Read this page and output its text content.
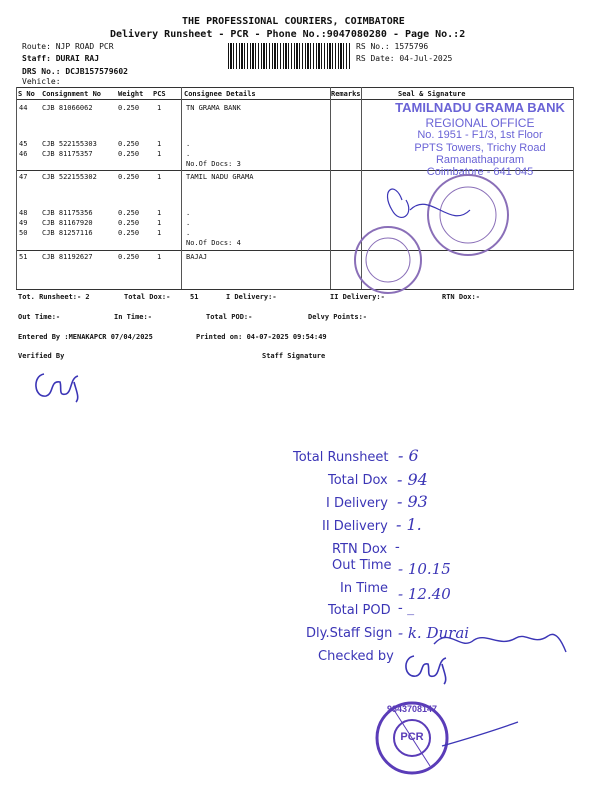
THE PROFESSIONAL COURIERS, COIMBATORE
Delivery Runsheet - PCR - Phone No.:9047080280 - Page No.:2
Route: NJP ROAD PCR
Staff: DURAI RAJ
DRS No.: DCJB157579602
Vehicle:
RS No.: 1575796
RS Date: 04-Jul-2025
S No Consignment No Weight PCS	Consignee Details	Remarks	Seal & Signature
44 CJB 81066062	0.250	1	TN GRAMA BANK
45 CJB 522155303	0.250	1	.
46 CJB 81175357	0.250	1	.
No.Of Docs: 3
47 CJB 522155302	0.250	1	TAMIL NADU GRAMA
48 CJB 81175356	0.250	1	.
49 CJB 81167920	0.250	1	.
50 CJB 81257116	0.250	1	.
No.Of Docs: 4
51 CJB 81192627	0.250	1	BAJAJ
TAMILNADU GRAMA BANK
REGIONAL OFFICE
No. 1951 - F1/3, 1st Floor
PPTS Towers, Trichy Road
Ramanathapuram
Coimbatore - 641 045
Tot. Runsheet:- 2	Total Dox:-	51	I Delivery:-	II Delivery:-	RTN Dox:-
Out Time:-	In Time:-	Total POD:-	Delvy Points:-
Entered By :MENAKAPCR 07/04/2025	Printed on: 04-07-2025 09:54:49
Verified By	Staff Signature
Total Runsheet - 6
Total Dox - 94
I Delivery - 93
II Delivery - 1.
RTN Dox -
Out Time - 10.15
In Time - 12.40
Total POD - _
Dly.Staff Sign - k. Durai
Checked by
9843708147
PCR
